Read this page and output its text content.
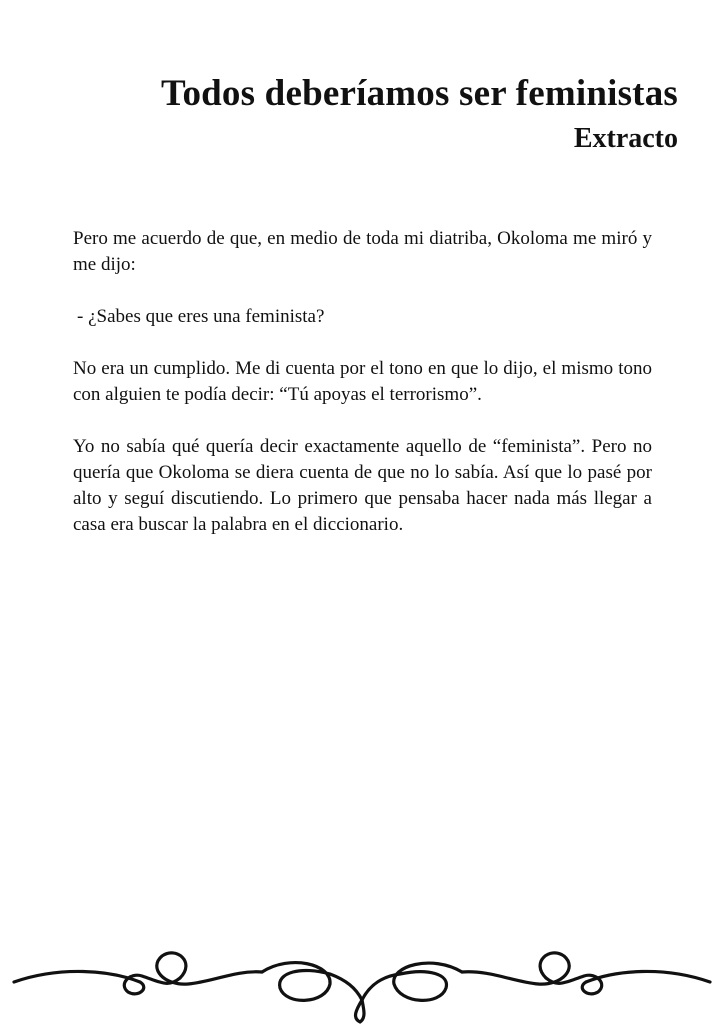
Todos deberíamos ser feministas
Extracto

Pero me acuerdo de que, en medio de toda mi diatriba, Okoloma me miró y me dijo:

- ¿Sabes que eres una feminista?

No era un cumplido. Me di cuenta por el tono en que lo dijo, el mismo tono con alguien te podía decir: “Tú apoyas el terrorismo”.

Yo no sabía qué quería decir exactamente aquello de “feminista”. Pero no quería que Okoloma se diera cuenta de que no lo sabía. Así que lo pasé por alto y seguí discutiendo. Lo primero que pensaba hacer nada más llegar a casa era buscar la palabra en el diccionario.
